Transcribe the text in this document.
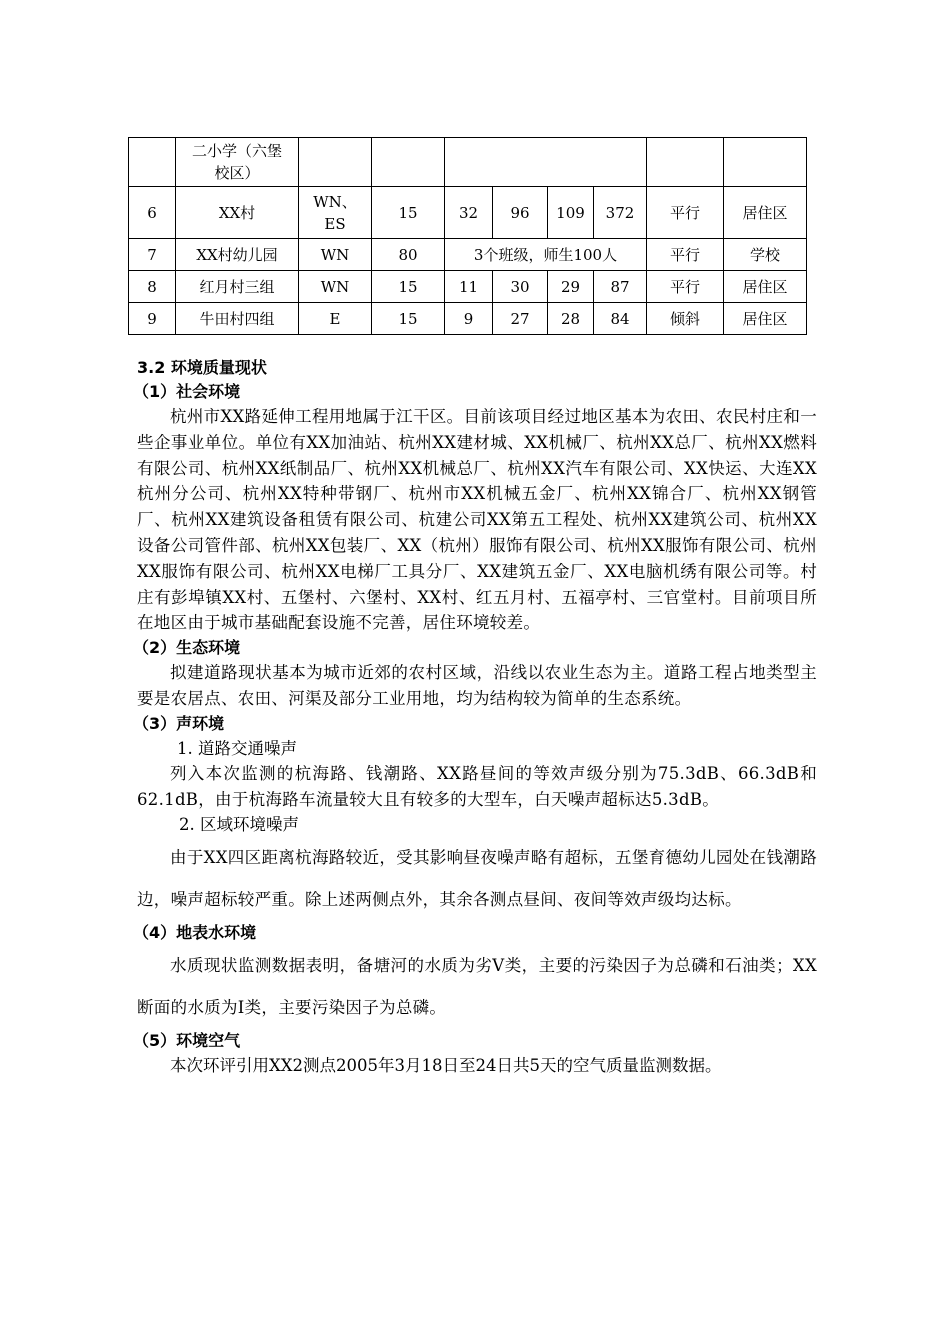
	二小学（六堡校区）								
6	XX村	WN、ES	15	32	96	109	372	平行	居住区
7	XX村幼儿园	WN	80	3个班级，师生100人				平行	学校
8	红月村三组	WN	15	11	30	29	87	平行	居住区
9	牛田村四组	E	15	9	27	28	84	倾斜	居住区
3.2 环境质量现状
（1）社会环境

杭州市XX路延伸工程用地属于江干区。目前该项目经过地区基本为农田、农民村庄和一些企事业单位。单位有XX加油站、杭州XX建材城、XX机械厂、杭州XX总厂、杭州XX燃料有限公司、杭州XX纸制品厂、杭州XX机械总厂、杭州XX汽车有限公司、XX快运、大连XX杭州分公司、杭州XX特种带钢厂、杭州市XX机械五金厂、杭州XX锦合厂、杭州XX钢管厂、杭州XX建筑设备租赁有限公司、杭建公司XX第五工程处、杭州XX建筑公司、杭州XX设备公司管件部、杭州XX包装厂、XX（杭州）服饰有限公司、杭州XX服饰有限公司、杭州XX服饰有限公司、杭州XX电梯厂工具分厂、XX建筑五金厂、XX电脑机绣有限公司等。村庄有彭埠镇XX村、五堡村、六堡村、XX村、红五月村、五福亭村、三官堂村。目前项目所在地区由于城市基础配套设施不完善，居住环境较差。

（2）生态环境

拟建道路现状基本为城市近郊的农村区域，沿线以农业生态为主。道路工程占地类型主要是农居点、农田、河渠及部分工业用地，均为结构较为简单的生态系统。

（3）声环境
1. 道路交通噪声

列入本次监测的杭海路、钱潮路、XX路昼间的等效声级分别为75.3dB、66.3dB和62.1dB，由于杭海路车流量较大且有较多的大型车，白天噪声超标达5.3dB。

2. 区域环境噪声

由于XX四区距离杭海路较近，受其影响昼夜噪声略有超标，五堡育德幼儿园处在钱潮路边，噪声超标较严重。除上述两侧点外，其余各测点昼间、夜间等效声级均达标。

（4）地表水环境

水质现状监测数据表明，备塘河的水质为劣Ⅴ类，主要的污染因子为总磷和石油类；XX断面的水质为Ⅰ类，主要污染因子为总磷。

（5）环境空气

本次环评引用XX2测点2005年3月18日至24日共5天的空气质量监测数据。
